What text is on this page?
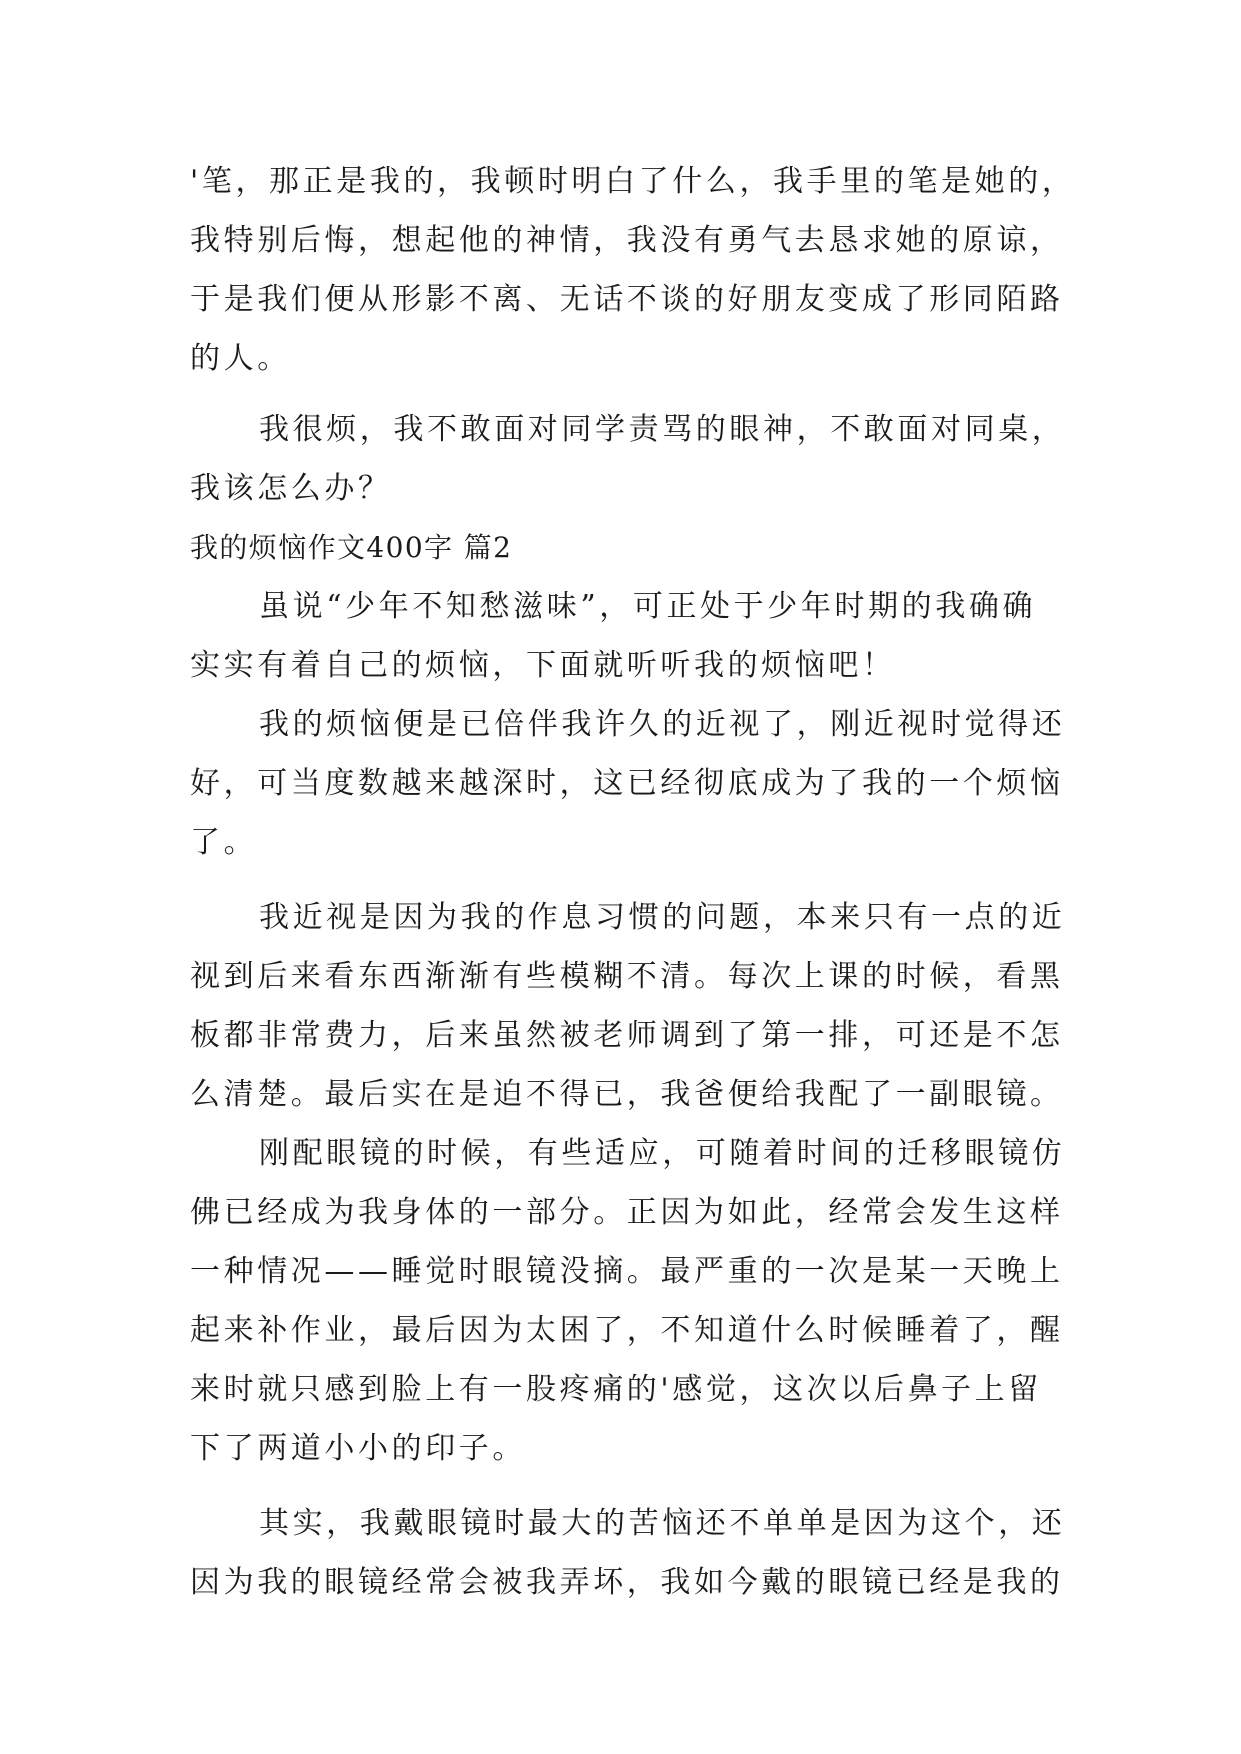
'笔，那正是我的，我顿时明白了什么，我手里的笔是她的，
我特别后悔，想起他的神情，我没有勇气去恳求她的原谅，
于是我们便从形影不离、无话不谈的好朋友变成了形同陌路
的人。
我很烦，我不敢面对同学责骂的眼神，不敢面对同桌，
我该怎么办？
我的烦恼作文400字 篇2
虽说“少年不知愁滋味”，可正处于少年时期的我确确
实实有着自己的烦恼，下面就听听我的烦恼吧！
我的烦恼便是已倍伴我许久的近视了，刚近视时觉得还
好，可当度数越来越深时，这已经彻底成为了我的一个烦恼
了。
我近视是因为我的作息习惯的问题，本来只有一点的近
视到后来看东西渐渐有些模糊不清。每次上课的时候，看黑
板都非常费力，后来虽然被老师调到了第一排，可还是不怎
么清楚。最后实在是迫不得已，我爸便给我配了一副眼镜。
刚配眼镜的时候，有些适应，可随着时间的迁移眼镜仿
佛已经成为我身体的一部分。正因为如此，经常会发生这样
一种情况——睡觉时眼镜没摘。最严重的一次是某一天晚上
起来补作业，最后因为太困了，不知道什么时候睡着了，醒
来时就只感到脸上有一股疼痛的'感觉，这次以后鼻子上留
下了两道小小的印子。
其实，我戴眼镜时最大的苦恼还不单单是因为这个，还
因为我的眼镜经常会被我弄坏，我如今戴的眼镜已经是我的
